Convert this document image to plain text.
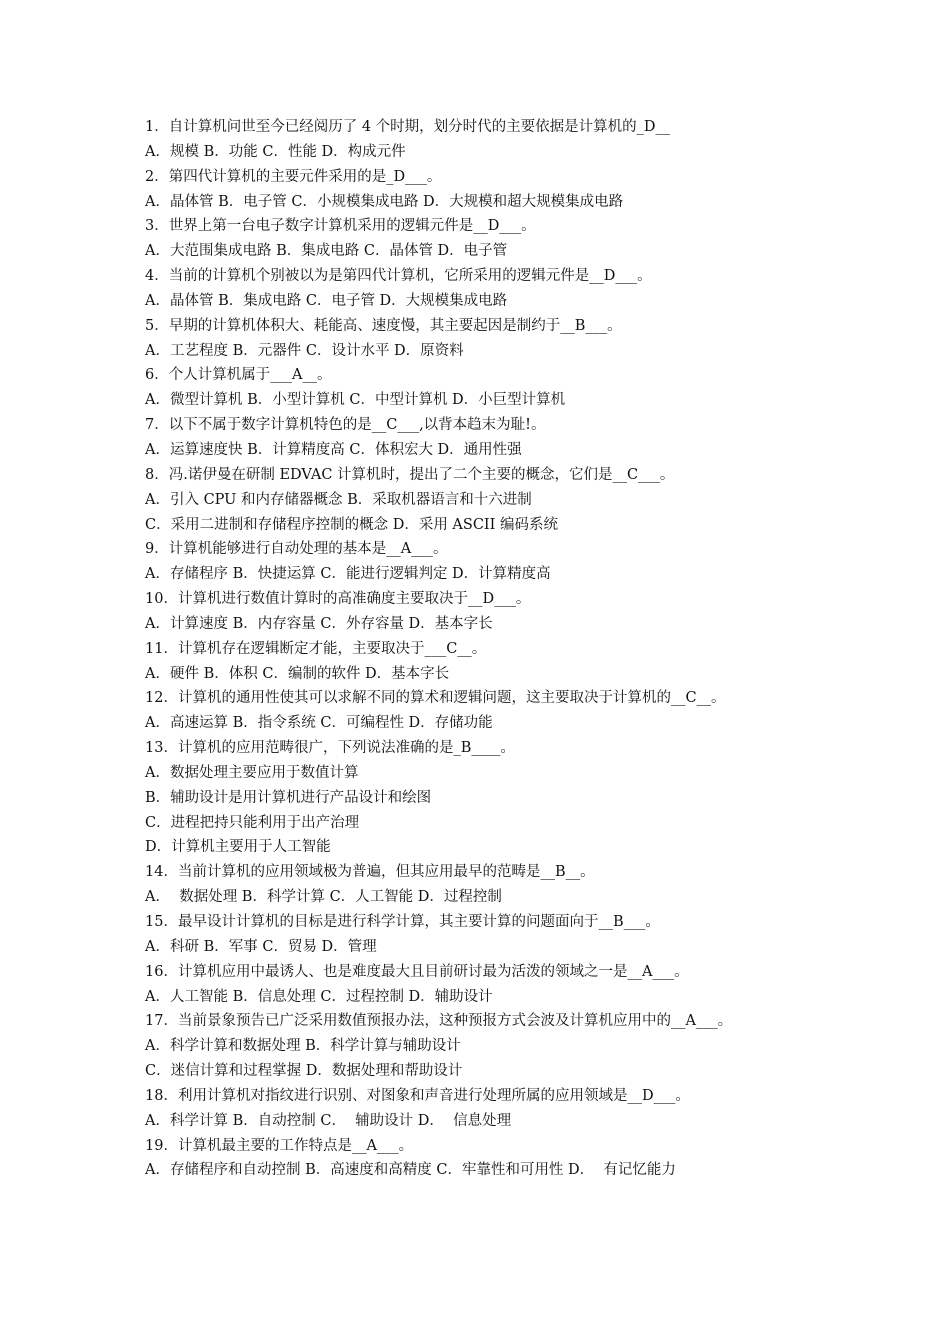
1．自计算机问世至今已经阅历了 4 个时期，划分时代的主要依据是计算机的_D__
A．规模 B．功能 C．性能 D．构成元件
2．第四代计算机的主要元件采用的是_D___。
A．晶体管 B．电子管 C．小规模集成电路 D．大规模和超大规模集成电路
3．世界上第一台电子数字计算机采用的逻辑元件是__D___。
A．大范围集成电路 B．集成电路 C．晶体管 D．电子管
4．当前的计算机个别被以为是第四代计算机，它所采用的逻辑元件是__D___。
A．晶体管 B．集成电路 C．电子管 D．大规模集成电路
5．早期的计算机体积大、耗能高、速度慢，其主要起因是制约于__B___。
A．工艺程度 B．元器件 C．设计水平 D．原资料
6．个人计算机属于___A__。
A．微型计算机 B．小型计算机 C．中型计算机 D．小巨型计算机
7．以下不属于数字计算机特色的是__C___,以背本趋末为耻!。
A．运算速度快 B．计算精度高 C．体积宏大 D．通用性强
8．冯.诺伊曼在研制 EDVAC 计算机时，提出了二个主要的概念，它们是__C___。
A．引入 CPU 和内存储器概念 B．采取机器语言和十六进制
C．采用二进制和存储程序控制的概念 D．采用 ASCII 编码系统
9．计算机能够进行自动处理的基本是__A___。
A．存储程序 B．快捷运算 C．能进行逻辑判定 D．计算精度高
10．计算机进行数值计算时的高准确度主要取决于__D___。
A．计算速度 B．内存容量 C．外存容量 D．基本字长
11．计算机存在逻辑断定才能，主要取决于___C__。
A．硬件 B．体积 C．编制的软件 D．基本字长
12．计算机的通用性使其可以求解不同的算术和逻辑问题，这主要取决于计算机的__C__。
A．高速运算 B．指令系统 C．可编程性 D．存储功能
13．计算机的应用范畴很广，下列说法准确的是_B____。
A．数据处理主要应用于数值计算
B．辅助设计是用计算机进行产品设计和绘图
C．进程把持只能利用于出产治理
D．计算机主要用于人工智能
14．当前计算机的应用领域极为普遍，但其应用最早的范畴是__B__。
A．  数据处理 B．科学计算 C．人工智能 D．过程控制
15．最早设计计算机的目标是进行科学计算，其主要计算的问题面向于__B___。
A．科研 B．军事 C．贸易 D．管理
16．计算机应用中最诱人、也是难度最大且目前研讨最为活泼的领域之一是__A___。
A．人工智能 B．信息处理 C．过程控制 D．辅助设计
17．当前景象预告已广泛采用数值预报办法，这种预报方式会波及计算机应用中的__A___。
A．科学计算和数据处理 B．科学计算与辅助设计
C．迷信计算和过程掌握 D．数据处理和帮助设计
18．利用计算机对指纹进行识别、对图象和声音进行处理所属的应用领域是__D___。
A．科学计算 B．自动控制 C．  辅助设计 D．  信息处理
19．计算机最主要的工作特点是__A___。
A．存储程序和自动控制 B．高速度和高精度 C．牢靠性和可用性 D．  有记忆能力
